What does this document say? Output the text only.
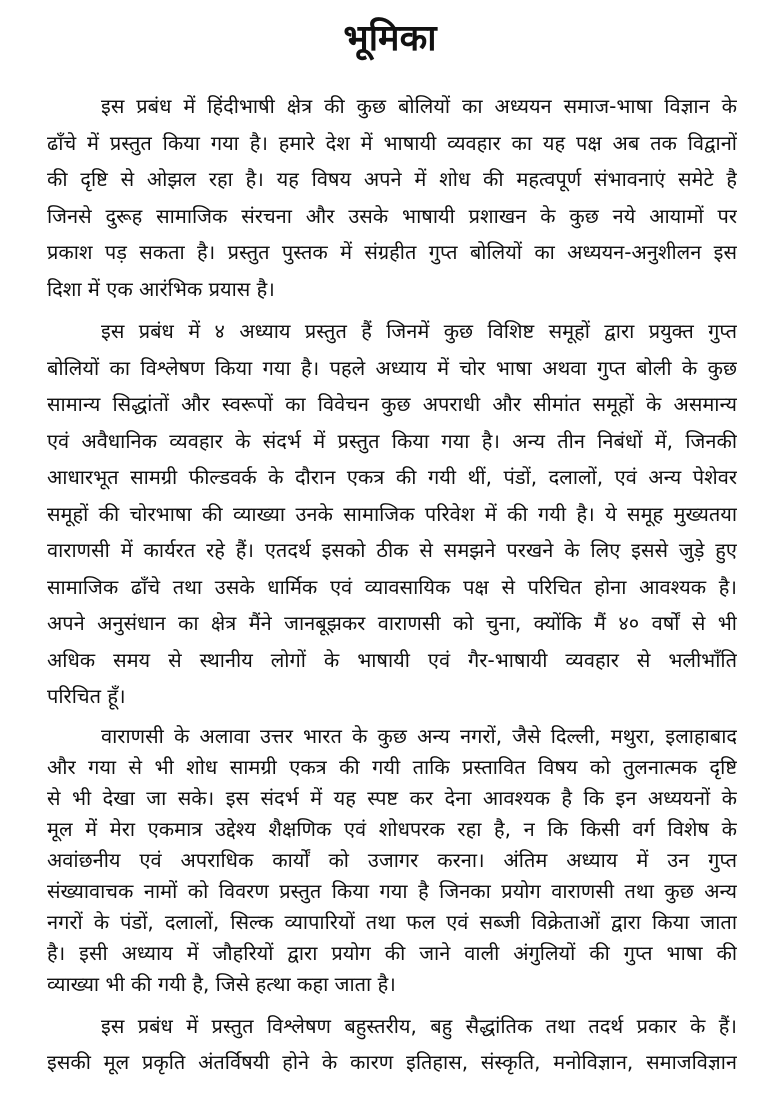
भूमिका
इस प्रबंध में हिंदीभाषी क्षेत्र की कुछ बोलियों का अध्ययन समाज-भाषा विज्ञान के
ढाँचे में प्रस्तुत किया गया है। हमारे देश में भाषायी व्यवहार का यह पक्ष अब तक विद्वानों
की दृष्टि से ओझल रहा है। यह विषय अपने में शोध की महत्वपूर्ण संभावनाएं समेटे है
जिनसे दुरूह सामाजिक संरचना और उसके भाषायी प्रशाखन के कुछ नये आयामों पर
प्रकाश पड़ सकता है। प्रस्तुत पुस्तक में संग्रहीत गुप्त बोलियों का अध्ययन-अनुशीलन इस
दिशा में एक आरंभिक प्रयास है।
इस प्रबंध में ४ अध्याय प्रस्तुत हैं जिनमें कुछ विशिष्ट समूहों द्वारा प्रयुक्त गुप्त
बोलियों का विश्लेषण किया गया है। पहले अध्याय में चोर भाषा अथवा गुप्त बोली के कुछ
सामान्य सिद्धांतों और स्वरूपों का विवेचन कुछ अपराधी और सीमांत समूहों के असमान्य
एवं अवैधानिक व्यवहार के संदर्भ में प्रस्तुत किया गया है। अन्य तीन निबंधों में, जिनकी
आधारभूत सामग्री फील्डवर्क के दौरान एकत्र की गयी थीं, पंडों, दलालों, एवं अन्य पेशेवर
समूहों की चोरभाषा की व्याख्या उनके सामाजिक परिवेश में की गयी है। ये समूह मुख्यतया
वाराणसी में कार्यरत रहे हैं। एतदर्थ इसको ठीक से समझने परखने के लिए इससे जुड़े हुए
सामाजिक ढाँचे तथा उसके धार्मिक एवं व्यावसायिक पक्ष से परिचित होना आवश्यक है।
अपने अनुसंधान का क्षेत्र मैंने जानबूझकर वाराणसी को चुना, क्योंकि मैं ४० वर्षों से भी
अधिक समय से स्थानीय लोगों के भाषायी एवं गैर-भाषायी व्यवहार से भलीभाँति
परिचित हूँ।
वाराणसी के अलावा उत्तर भारत के कुछ अन्य नगरों, जैसे दिल्ली, मथुरा, इलाहाबाद
और गया से भी शोध सामग्री एकत्र की गयी ताकि प्रस्तावित विषय को तुलनात्मक दृष्टि
से भी देखा जा सके। इस संदर्भ में यह स्पष्ट कर देना आवश्यक है कि इन अध्ययनों के
मूल में मेरा एकमात्र उद्देश्य शैक्षणिक एवं शोधपरक रहा है, न कि किसी वर्ग विशेष के
अवांछनीय एवं अपराधिक कार्यों को उजागर करना। अंतिम अध्याय में उन गुप्त
संख्यावाचक नामों को विवरण प्रस्तुत किया गया है जिनका प्रयोग वाराणसी तथा कुछ अन्य
नगरों के पंडों, दलालों, सिल्क व्यापारियों तथा फल एवं सब्जी विक्रेताओं द्वारा किया जाता
है। इसी अध्याय में जौहरियों द्वारा प्रयोग की जाने वाली अंगुलियों की गुप्त भाषा की
व्याख्या भी की गयी है, जिसे हत्था कहा जाता है।
इस प्रबंध में प्रस्तुत विश्लेषण बहुस्तरीय, बहु सैद्धांतिक तथा तदर्थ प्रकार के हैं।
इसकी मूल प्रकृति अंतर्विषयी होने के कारण इतिहास, संस्कृति, मनोविज्ञान, समाजविज्ञान
